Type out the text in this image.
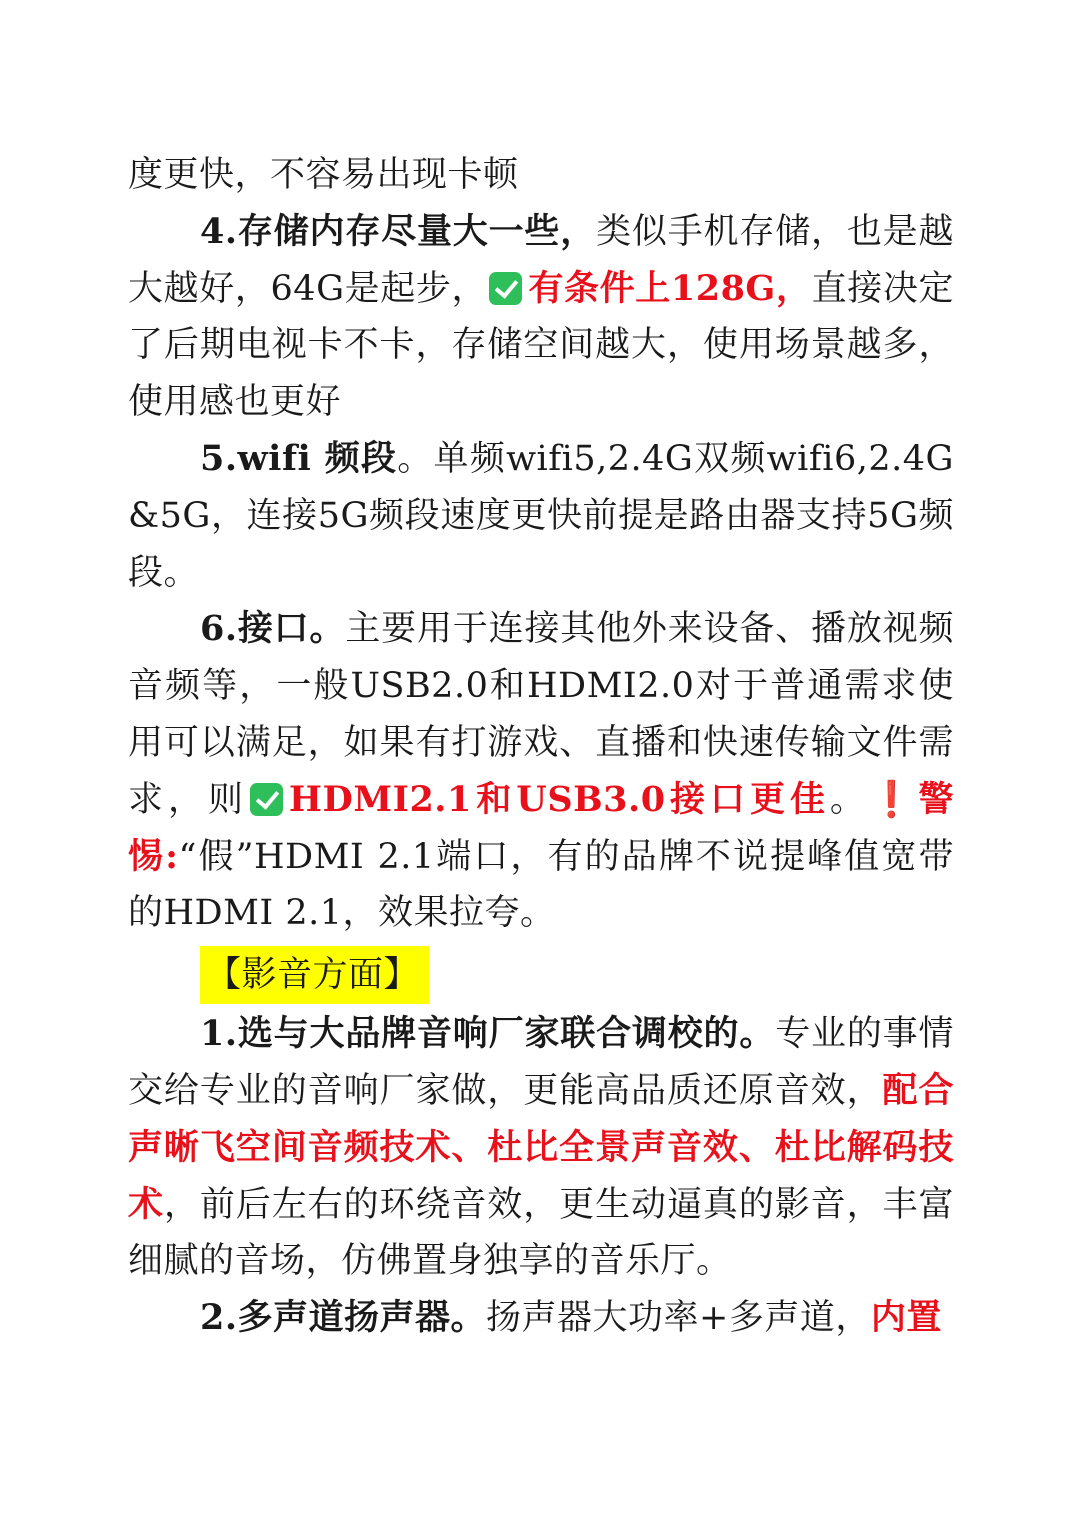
度更快，不容易出现卡顿

4.存储内存尽量大一些，类似手机存储，也是越大越好，64G是起步， 有条件上128G，直接决定了后期电视卡不卡，存储空间越大，使用场景越多，使用感也更好

5.wifi 频段。单频wifi5,2.4G双频wifi6,2.4G &5G，连接5G频段速度更快前提是路由器支持5G频段。

6.接口。主要用于连接其他外来设备、播放视频音频等，一般USB2.0和HDMI2.0对于普通需求使用可以满足，如果有打游戏、直播和快速传输文件需求，则 HDMI2.1和USB3.0接口更佳。❗警惕:“假”HDMI 2.1端口，有的品牌不说提峰值宽带的HDMI 2.1，效果拉夸。

【影音方面】

1.选与大品牌音响厂家联合调校的。专业的事情交给专业的音响厂家做，更能高品质还原音效，配合声晰飞空间音频技术、杜比全景声音效、杜比解码技术，前后左右的环绕音效，更生动逼真的影音，丰富细腻的音场，仿佛置身独享的音乐厅。

2.多声道扬声器。扬声器大功率+多声道，内置
